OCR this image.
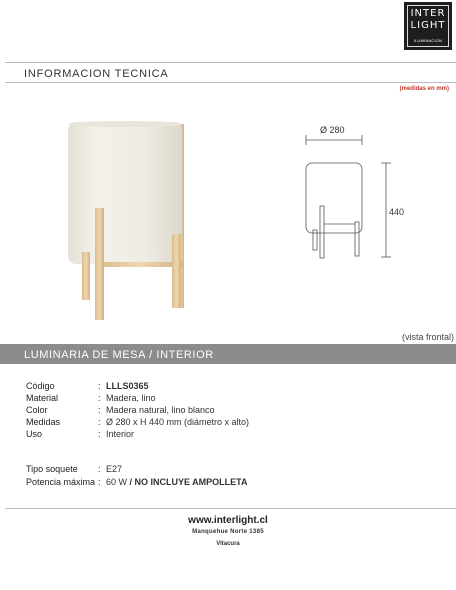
INTER
LIGHT
ILUMINACION
INFORMACION TECNICA
(medidas en mm)
Ø 280
440
(vista frontal)
LUMINARIA DE MESA / INTERIOR
Código	: LLLS0365
Material	: Madera, lino
Color	: Madera natural, lino blanco
Medidas	: Ø 280 x H 440 mm (diámetro x alto)
Uso	: Interior
Tipo soquete	: E27
Potencia máxima : 60 W / NO INCLUYE AMPOLLETA
www.interlight.cl
Manquehue Norte 1385
Vitacura
